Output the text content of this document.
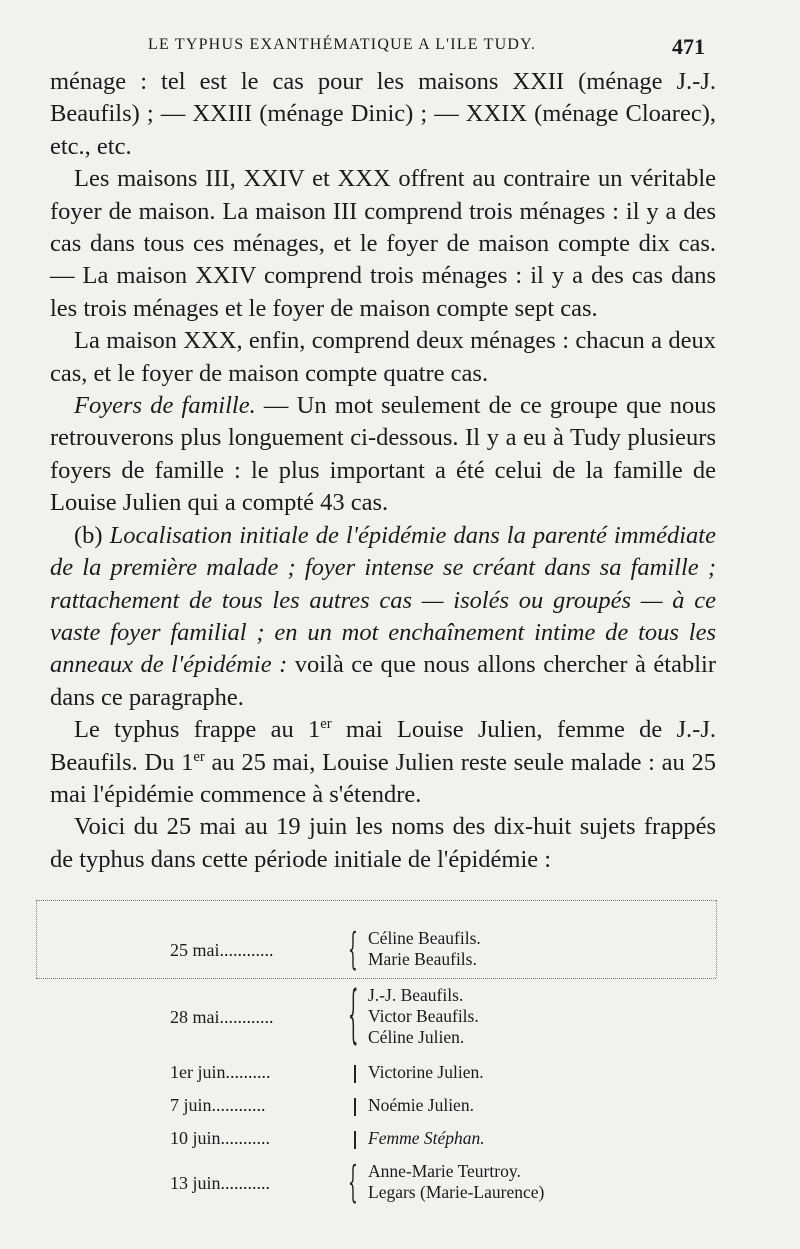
LE TYPHUS EXANTHÉMATIQUE A L'ILE TUDY.	471

ménage : tel est le cas pour les maisons XXII (ménage J.-J. Beaufils) ; — XXIII (ménage Dinic) ; — XXIX (ménage Cloarec), etc., etc.

Les maisons III, XXIV et XXX offrent au contraire un véritable foyer de maison. La maison III comprend trois ménages : il y a des cas dans tous ces ménages, et le foyer de maison compte dix cas. — La maison XXIV comprend trois ménages : il y a des cas dans les trois ménages et le foyer de maison compte sept cas.

La maison XXX, enfin, comprend deux ménages : chacun a deux cas, et le foyer de maison compte quatre cas.

Foyers de famille. — Un mot seulement de ce groupe que nous retrouverons plus longuement ci-dessous. Il y a eu à Tudy plusieurs foyers de famille : le plus important a été celui de la famille de Louise Julien qui a compté 43 cas.

(b) Localisation initiale de l'épidémie dans la parenté immédiate de la première malade ; foyer intense se créant dans sa famille ; rattachement de tous les autres cas — isolés ou groupés — à ce vaste foyer familial ; en un mot enchaînement intime de tous les anneaux de l'épidémie : voilà ce que nous allons chercher à établir dans ce paragraphe.

Le typhus frappe au 1er mai Louise Julien, femme de J.-J. Beaufils. Du 1er au 25 mai, Louise Julien reste seule malade : au 25 mai l'épidémie commence à s'étendre.

Voici du 25 mai au 19 juin les noms des dix-huit sujets frappés de typhus dans cette période initiale de l'épidémie :

25 mai............	{ Céline Beaufils.
Marie Beaufils.
28 mai............ { J.-J. Beaufils.
Victor Beaufils.
Céline Julien.
1er juin..........	Victorine Julien.
7 juin............	Noémie Julien.
10 juin...........	Femme Stéphan.
13 juin...........	{ Anne-Marie Teurtroy.
Legars (Marie-Laurence)
